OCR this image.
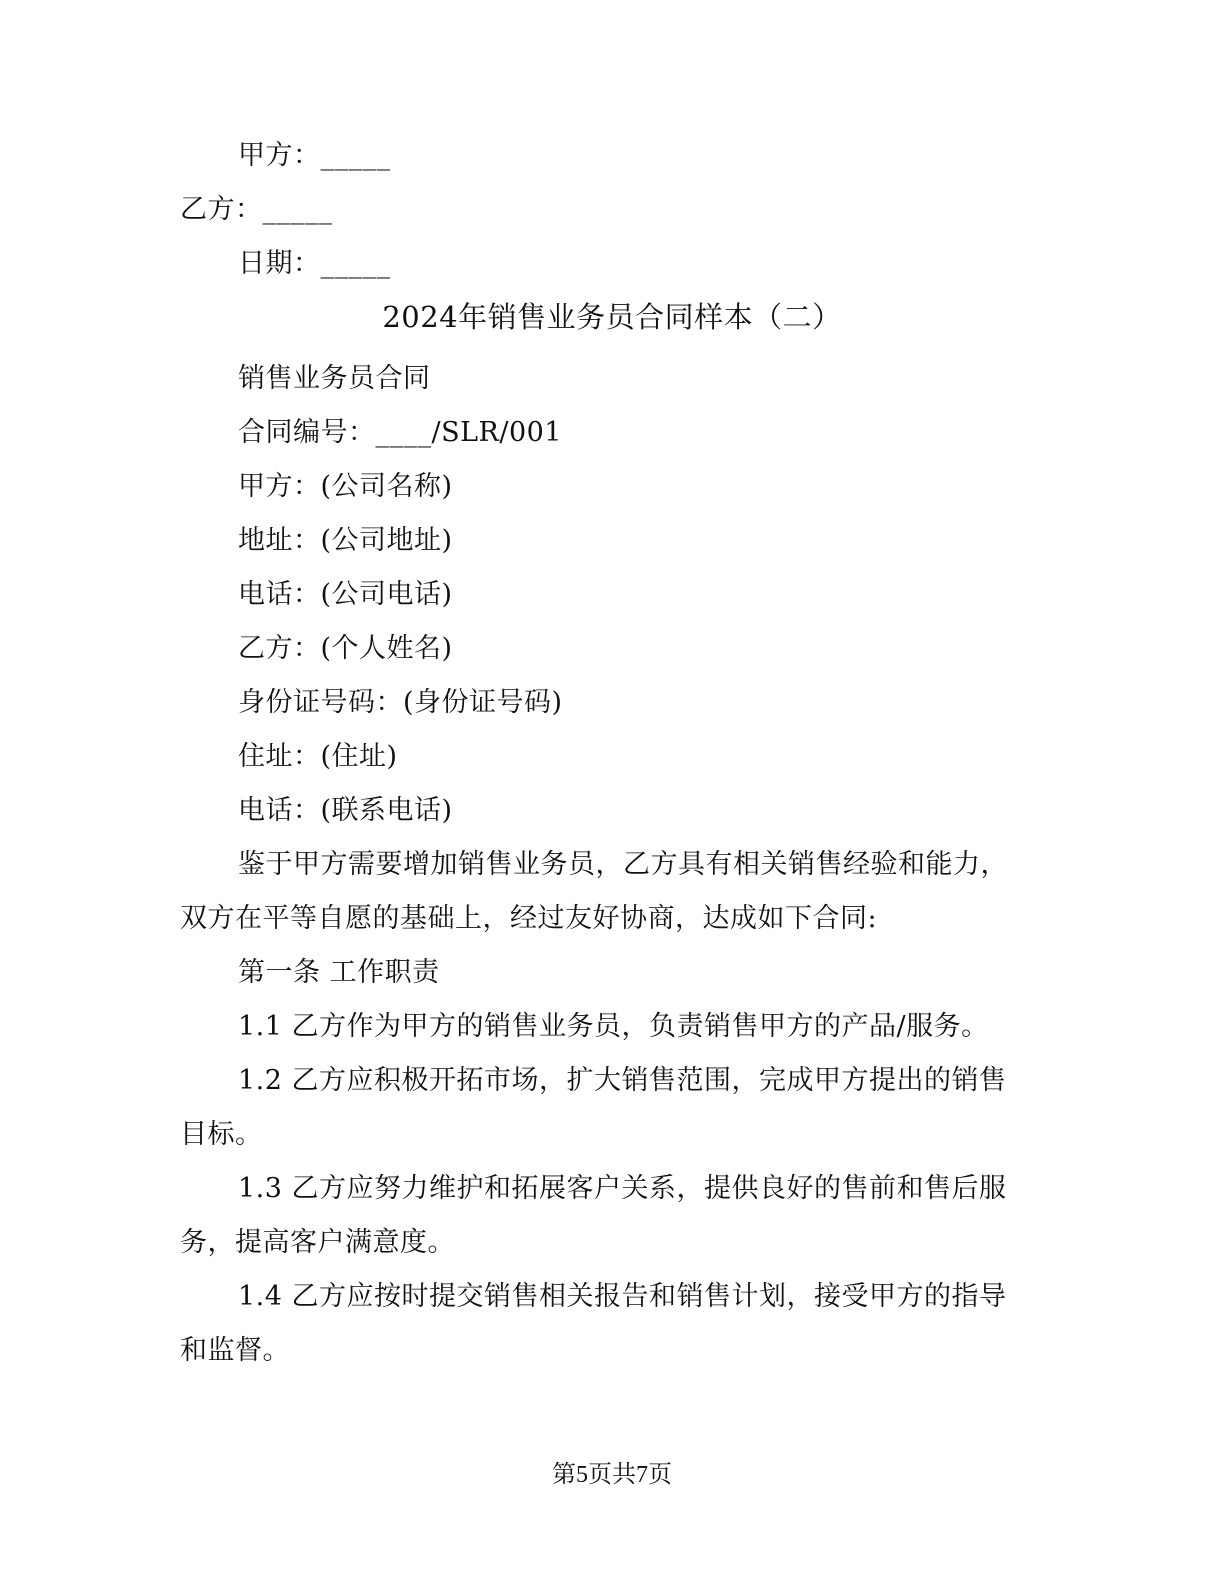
甲方：_____
乙方：_____
日期：_____
2024年销售业务员合同样本（二）
销售业务员合同
合同编号：____/SLR/001
甲方：(公司名称)
地址：(公司地址)
电话：(公司电话)
乙方：(个人姓名)
身份证号码：(身份证号码)
住址：(住址)
电话：(联系电话)
鉴于甲方需要增加销售业务员，乙方具有相关销售经验和能力，
双方在平等自愿的基础上，经过友好协商，达成如下合同:
第一条 工作职责
1.1 乙方作为甲方的销售业务员，负责销售甲方的产品/服务。
1.2 乙方应积极开拓市场，扩大销售范围，完成甲方提出的销售
目标。
1.3 乙方应努力维护和拓展客户关系，提供良好的售前和售后服
务，提高客户满意度。
1.4 乙方应按时提交销售相关报告和销售计划，接受甲方的指导
和监督。
第5页共7页
